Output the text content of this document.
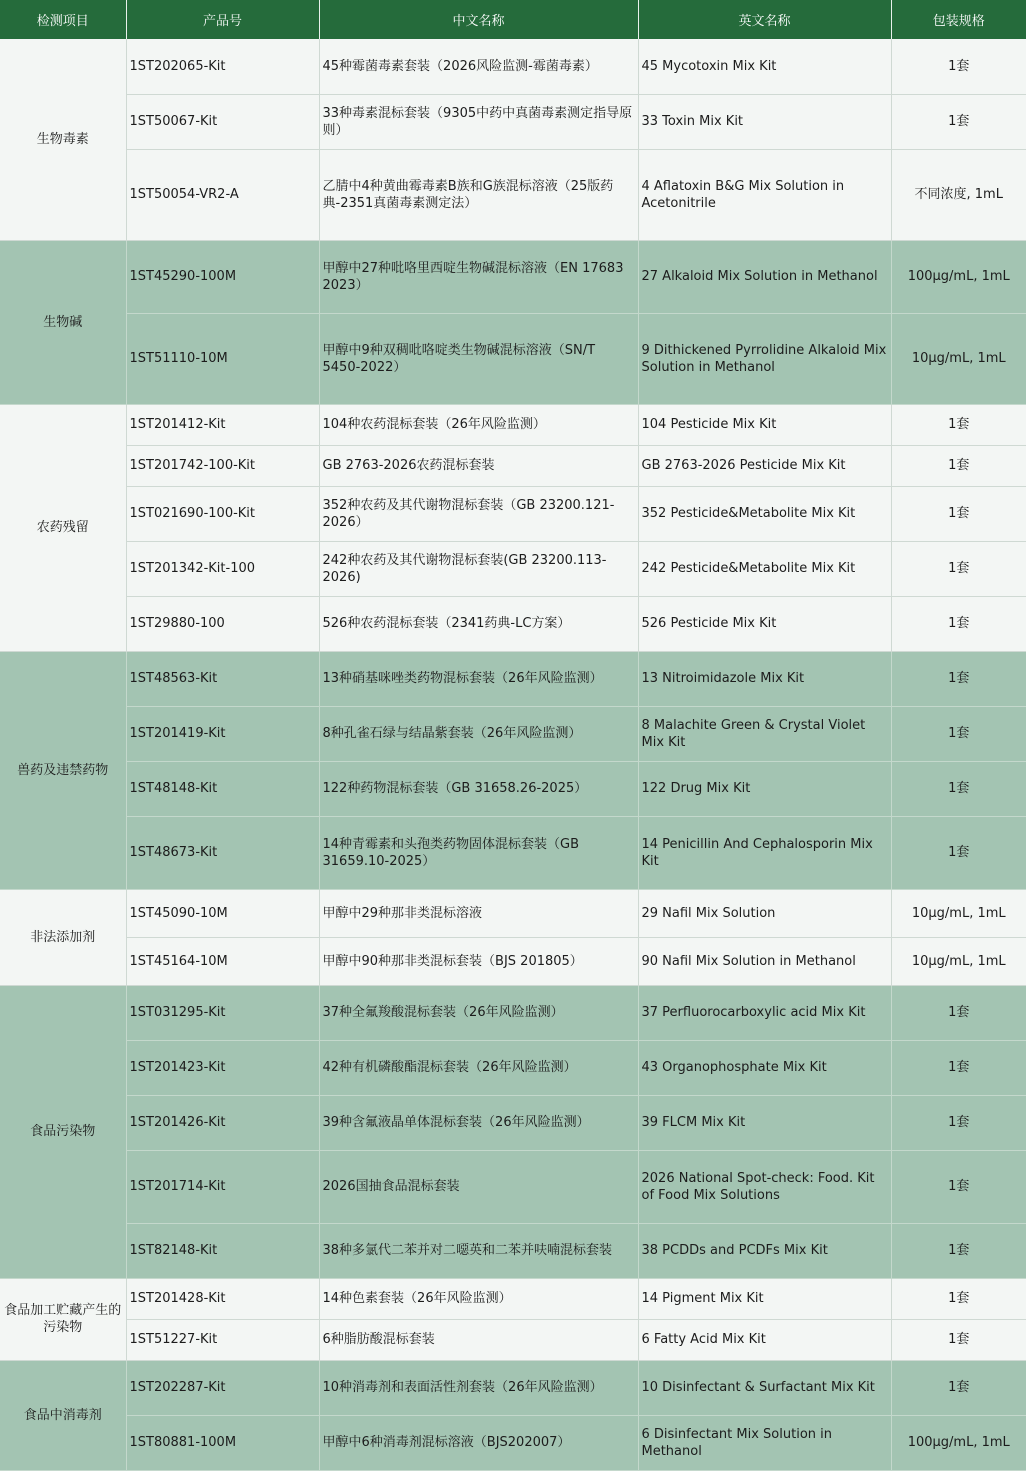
检测项目	产品号	中文名称	英文名称	包装规格
生物毒素	1ST202065-Kit	45种霉菌毒素套装（2026风险监测-霉菌毒素）	45 Mycotoxin Mix Kit	1套
	1ST50067-Kit	33种毒素混标套装（9305中药中真菌毒素测定指导原则）	33 Toxin Mix Kit	1套
	1ST50054-VR2-A	乙腈中4种黄曲霉毒素B族和G族混标溶液（25版药典-2351真菌毒素测定法）	4 Aflatoxin B&G Mix Solution in Acetonitrile	不同浓度, 1mL
生物碱	1ST45290-100M	甲醇中27种吡咯里西啶生物碱混标溶液（EN 17683 2023）	27 Alkaloid Mix Solution in Methanol	100μg/mL, 1mL
	1ST51110-10M	甲醇中9种双稠吡咯啶类生物碱混标溶液（SN/T 5450-2022）	9 Dithickened Pyrrolidine Alkaloid Mix Solution in Methanol	10μg/mL, 1mL
农药残留	1ST201412-Kit	104种农药混标套装（26年风险监测）	104 Pesticide Mix Kit	1套
	1ST201742-100-Kit	GB 2763-2026农药混标套装	GB 2763-2026 Pesticide Mix Kit	1套
	1ST021690-100-Kit	352种农药及其代谢物混标套装（GB 23200.121-2026）	352 Pesticide&Metabolite Mix Kit	1套
	1ST201342-Kit-100	242种农药及其代谢物混标套装(GB 23200.113-2026)	242 Pesticide&Metabolite Mix Kit	1套
	1ST29880-100	526种农药混标套装（2341药典-LC方案）	526 Pesticide Mix Kit	1套
兽药及违禁药物	1ST48563-Kit	13种硝基咪唑类药物混标套装（26年风险监测）	13 Nitroimidazole Mix Kit	1套
	1ST201419-Kit	8种孔雀石绿与结晶紫套装（26年风险监测）	8 Malachite Green & Crystal Violet Mix Kit	1套
	1ST48148-Kit	122种药物混标套装（GB 31658.26-2025）	122 Drug Mix Kit	1套
	1ST48673-Kit	14种青霉素和头孢类药物固体混标套装（GB 31659.10-2025）	14 Penicillin And Cephalosporin Mix Kit	1套
非法添加剂	1ST45090-10M	甲醇中29种那非类混标溶液	29 Nafil Mix Solution	10μg/mL, 1mL
	1ST45164-10M	甲醇中90种那非类混标套装（BJS 201805）	90 Nafil Mix Solution in Methanol	10μg/mL, 1mL
食品污染物	1ST031295-Kit	37种全氟羧酸混标套装（26年风险监测）	37 Perfluorocarboxylic acid Mix Kit	1套
	1ST201423-Kit	42种有机磷酸酯混标套装（26年风险监测）	43 Organophosphate Mix Kit	1套
	1ST201426-Kit	39种含氟液晶单体混标套装（26年风险监测）	39 FLCM Mix Kit	1套
	1ST201714-Kit	2026国抽食品混标套装	2026 National Spot-check: Food. Kit of Food Mix Solutions	1套
	1ST82148-Kit	38种多氯代二苯并对二噁英和二苯并呋喃混标套装	38 PCDDs and PCDFs Mix Kit	1套
食品加工贮藏产生的污染物	1ST201428-Kit	14种色素套装（26年风险监测）	14 Pigment Mix Kit	1套
	1ST51227-Kit	6种脂肪酸混标套装	6 Fatty Acid Mix Kit	1套
食品中消毒剂	1ST202287-Kit	10种消毒剂和表面活性剂套装（26年风险监测）	10 Disinfectant & Surfactant Mix Kit	1套
	1ST80881-100M	甲醇中6种消毒剂混标溶液（BJS202007）	6 Disinfectant Mix Solution in Methanol	100μg/mL, 1mL
